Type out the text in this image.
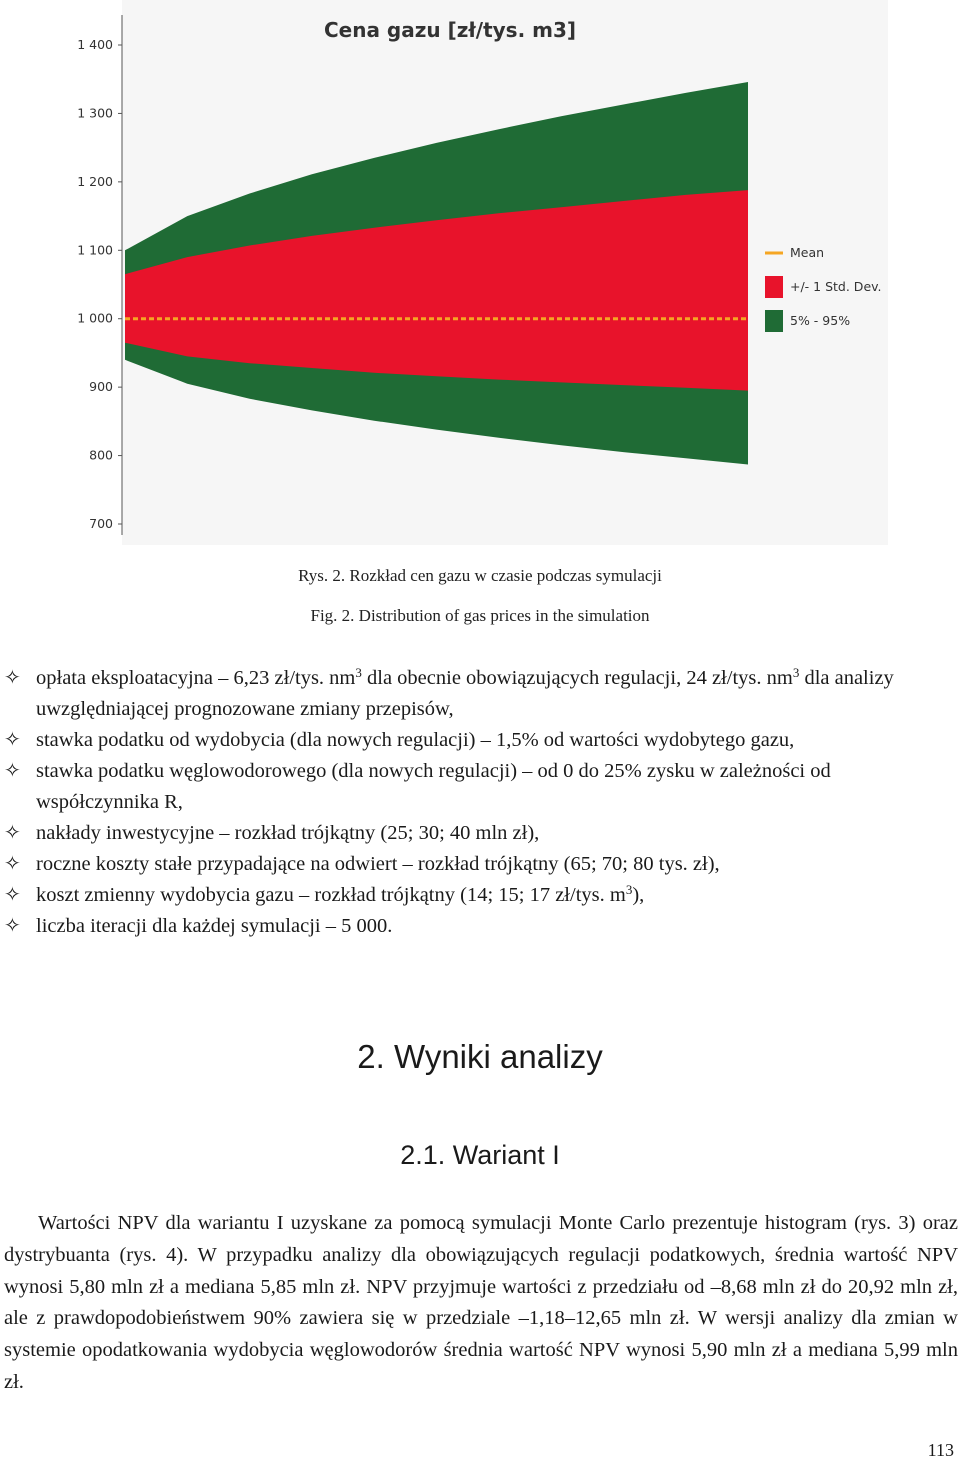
700
800
900
1 000
1 100
1 200
1 300
1 400
Cena gazu [zł/tys. m3]
Mean
+/- 1 Std. Dev.
5% - 95%
Rys. 2. Rozkład cen gazu w czasie podczas symulacji
Fig. 2. Distribution of gas prices in the simulation
✧ opłata eksploatacyjna – 6,23 zł/tys. $nm^3$ dla obecnie obowiązujących regulacji, 24 zł/tys. $nm^3$ dla analizy uwzględniającej prognozowane zmiany przepisów,
✧ stawka podatku od wydobycia (dla nowych regulacji) – 1,5% od wartości wydobytego gazu,
✧ stawka podatku węglowodorowego (dla nowych regulacji) – od 0 do 25% zysku w zależności od współczynnika R,
✧ nakłady inwestycyjne – rozkład trójkątny (25; 30; 40 mln zł),
✧ roczne koszty stałe przypadające na odwiert – rozkład trójkątny (65; 70; 80 tys. zł),
✧ koszt zmienny wydobycia gazu – rozkład trójkątny (14; 15; 17 zł/tys. $m^3$),
✧ liczba iteracji dla każdej symulacji – 5 000.
2. Wyniki analizy
2.1. Wariant I

Wartości NPV dla wariantu I uzyskane za pomocą symulacji Monte Carlo prezentuje histogram (rys. 3) oraz dystrybuanta (rys. 4). W przypadku analizy dla obowiązujących regulacji podatkowych, średnia wartość NPV wynosi 5,80 mln zł a mediana 5,85 mln zł. NPV przyjmuje wartości z przedziału od –8,68 mln zł do 20,92 mln zł, ale z prawdopodobieństwem 90% zawiera się w przedziale –1,18–12,65 mln zł. W wersji analizy dla zmian w systemie opodatkowania wydobycia węglowodorów średnia wartość NPV wynosi 5,90 mln zł a mediana 5,99 mln zł.

113
